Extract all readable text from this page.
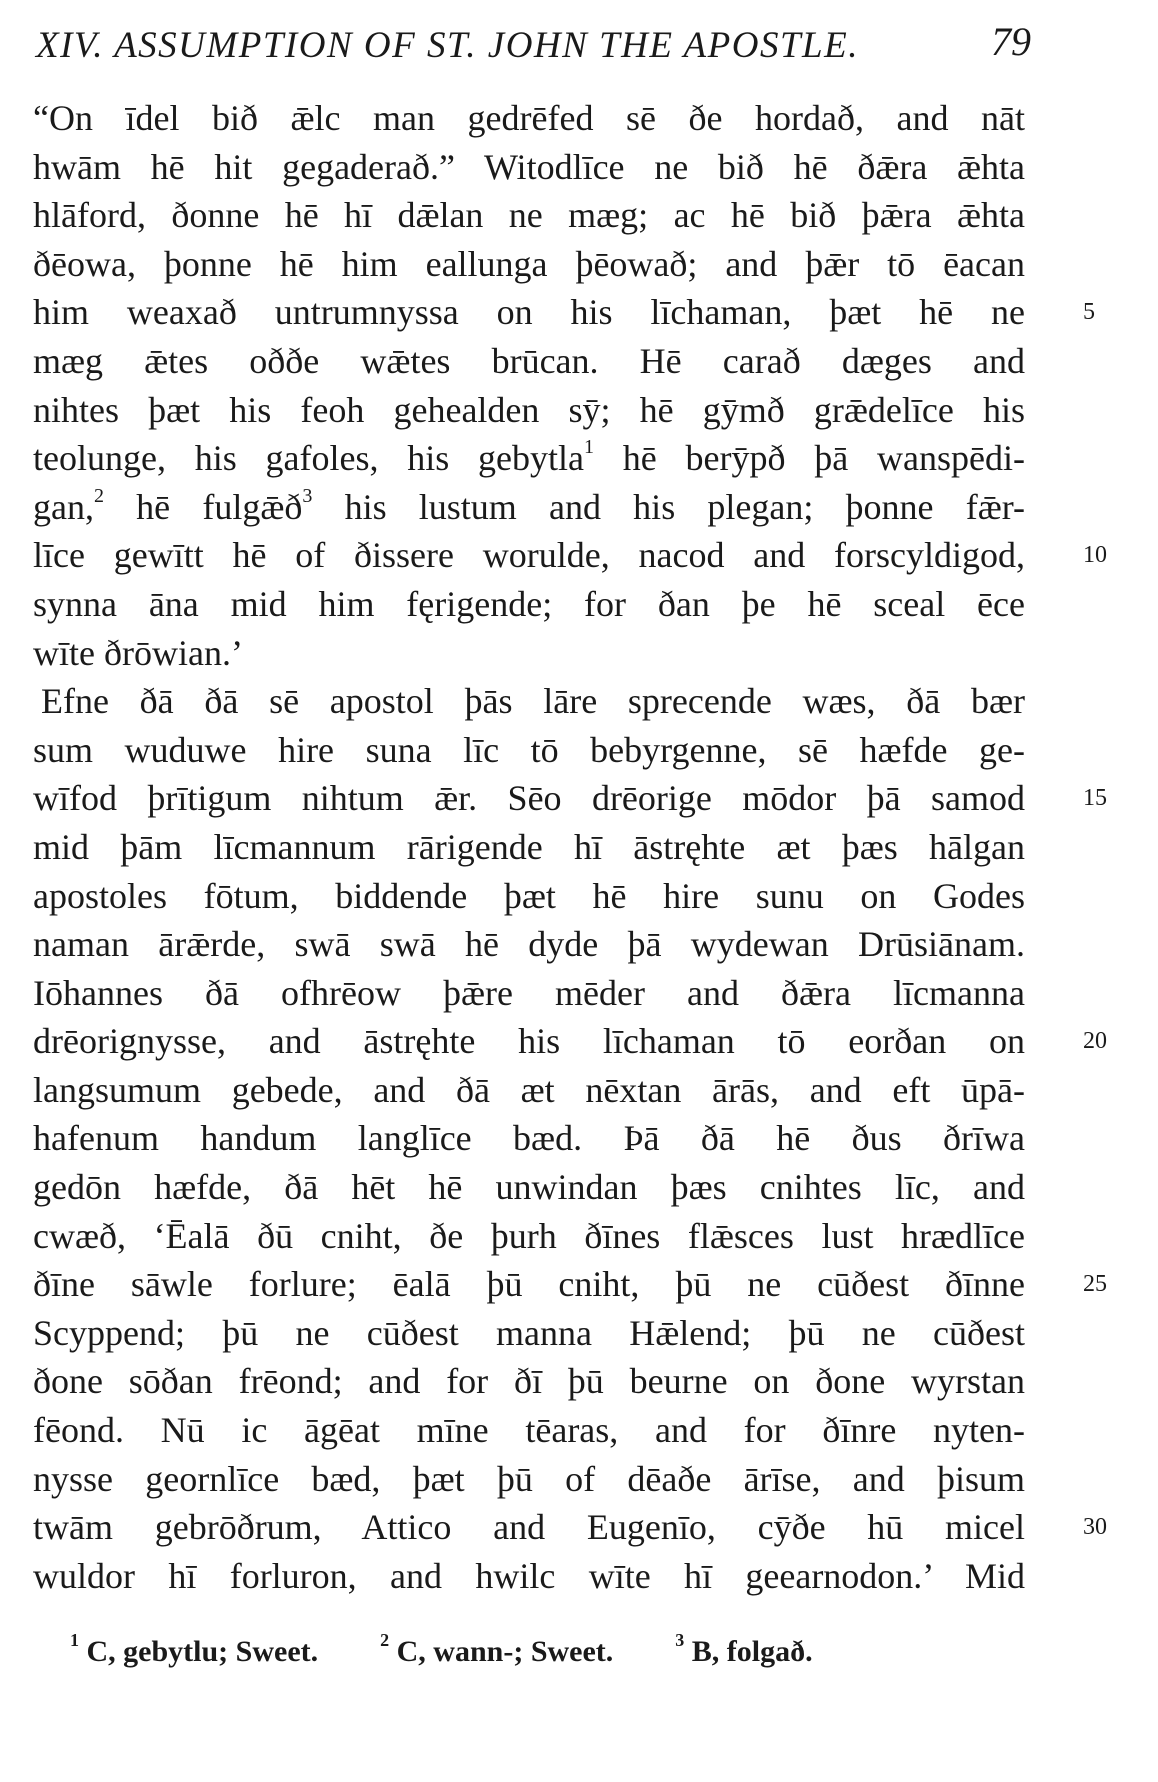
XIV. ASSUMPTION OF ST. JOHN THE APOSTLE.	79
“On īdel bið ǣlc man gedrēfed sē ðe hordað, and nāt
hwām hē hit gegaderað.” Witodlīce ne bið hē ðǣra ǣhta
hlāford, ðonne hē hī dǣlan ne mæg; ac hē bið þǣra ǣhta
ðēowa, þonne hē him eallunga þēowað; and þǣr tō ēacan
him weaxað untrumnyssa on his līchaman, þæt hē ne 5
mæg ǣtes oððe wǣtes brūcan. Hē carað dæges and
nihtes þæt his feoh gehealden sȳ; hē gȳmð grǣdelīce his
teolunge, his gafoles, his gebytla$^1$ hē berȳpð þā wanspēdi-
gan,$^2$ hē fulgǣð$^3$ his lustum and his plegan; þonne fǣr-
līce gewītt hē of ðissere worulde, nacod and forscyldigod, 10
synna āna mid him fęrigende; for ðan þe hē sceal ēce
wīte ðrōwian.’
Efne ðā ðā sē apostol þās lāre sprecende wæs, ðā bær
sum wuduwe hire suna līc tō bebyrgenne, sē hæfde ge-
wīfod þrītigum nihtum ǣr. Sēo drēorige mōdor þā samod 15
mid þām līcmannum rārigende hī āstręhte æt þæs hālgan
apostoles fōtum, biddende þæt hē hire sunu on Godes
naman ārǣrde, swā swā hē dyde þā wydewan Drūsiānam.
Iōhannes ðā ofhrēow þǣre mēder and ðǣra līcmanna
drēorignysse, and āstręhte his līchaman tō eorðan on 20
langsumum gebede, and ðā æt nēxtan ārās, and eft ūpā-
hafenum handum langlīce bæd. Þā ðā hē ðus ðrīwa
gedōn hæfde, ðā hēt hē unwindan þæs cnihtes līc, and
cwæð, ‘Ēalā ðū cniht, ðe þurh ðīnes flǣsces lust hrædlīce
ðīne sāwle forlure; ēalā þū cniht, þū ne cūðest ðīnne 25
Scyppend; þū ne cūðest manna Hǣlend; þū ne cūðest
ðone sōðan frēond; and for ðī þū beurne on ðone wyrstan
fēond. Nū ic āgēat mīne tēaras, and for ðīnre nyten-
nysse geornlīce bæd, þæt þū of dēaðe ārīse, and þisum
twām gebrōðrum, Attico and Eugenīo, cȳðe hū micel 30
wuldor hī forluron, and hwilc wīte hī geearnodon.’ Mid
$^1$ C, gebytlu; Sweet.	$^2$ C, wann-; Sweet.	$^3$ B, folgað.
